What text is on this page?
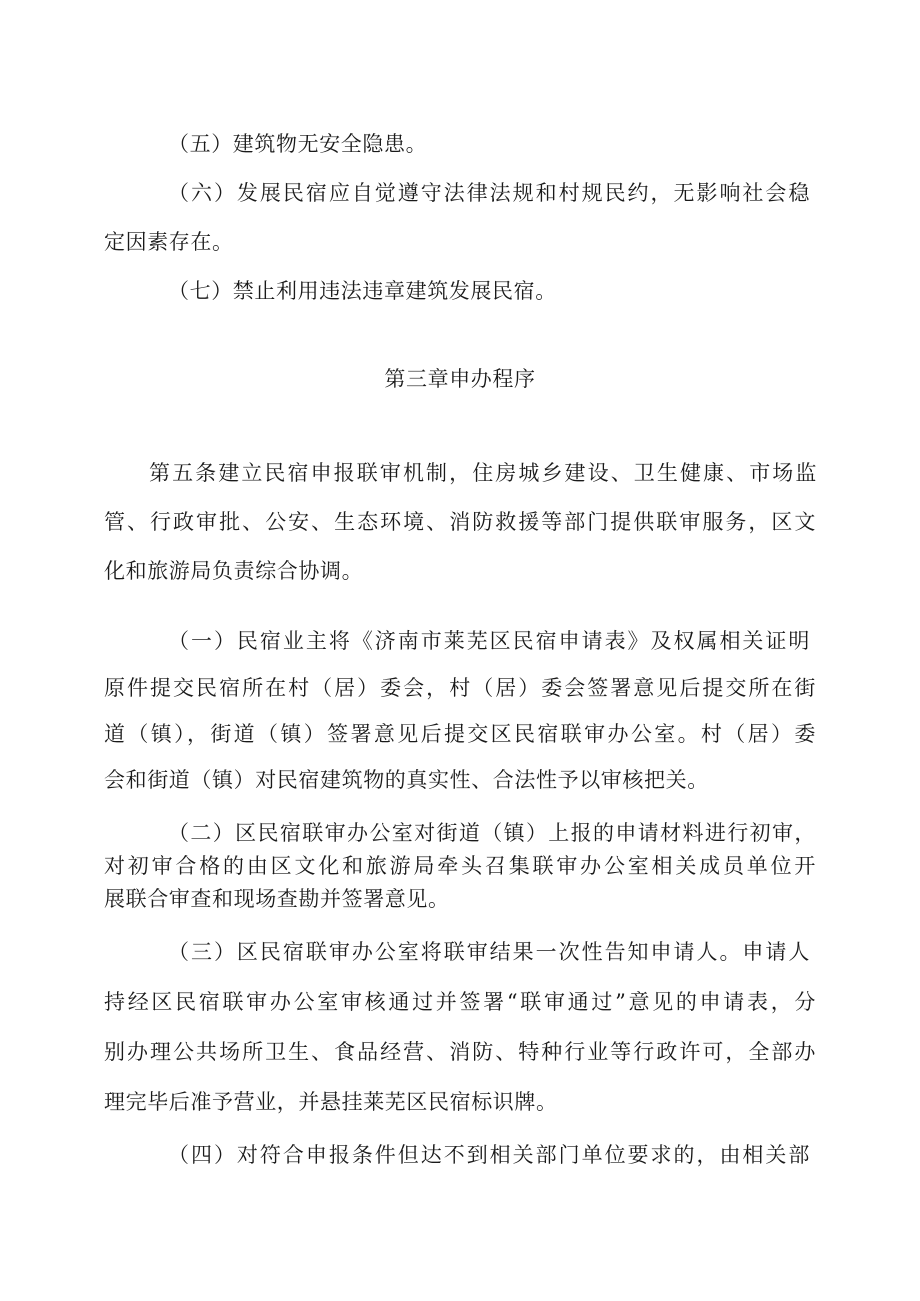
（五）建筑物无安全隐患。
（六）发展民宿应自觉遵守法律法规和村规民约，无影响社会稳
定因素存在。
（七）禁止利用违法违章建筑发展民宿。
第三章申办程序
第五条建立民宿申报联审机制，住房城乡建设、卫生健康、市场监
管、行政审批、公安、生态环境、消防救援等部门提供联审服务，区文
化和旅游局负责综合协调。
（一）民宿业主将《济南市莱芜区民宿申请表》及权属相关证明
原件提交民宿所在村（居）委会，村（居）委会签署意见后提交所在街
道（镇），街道（镇）签署意见后提交区民宿联审办公室。村（居）委
会和街道（镇）对民宿建筑物的真实性、合法性予以审核把关。
（二）区民宿联审办公室对街道（镇）上报的申请材料进行初审，
对初审合格的由区文化和旅游局牵头召集联审办公室相关成员单位开
展联合审查和现场查勘并签署意见。
（三）区民宿联审办公室将联审结果一次性告知申请人。申请人
持经区民宿联审办公室审核通过并签署“联审通过”意见的申请表，分
别办理公共场所卫生、食品经营、消防、特种行业等行政许可，全部办
理完毕后准予营业，并悬挂莱芜区民宿标识牌。
（四）对符合申报条件但达不到相关部门单位要求的，由相关部
